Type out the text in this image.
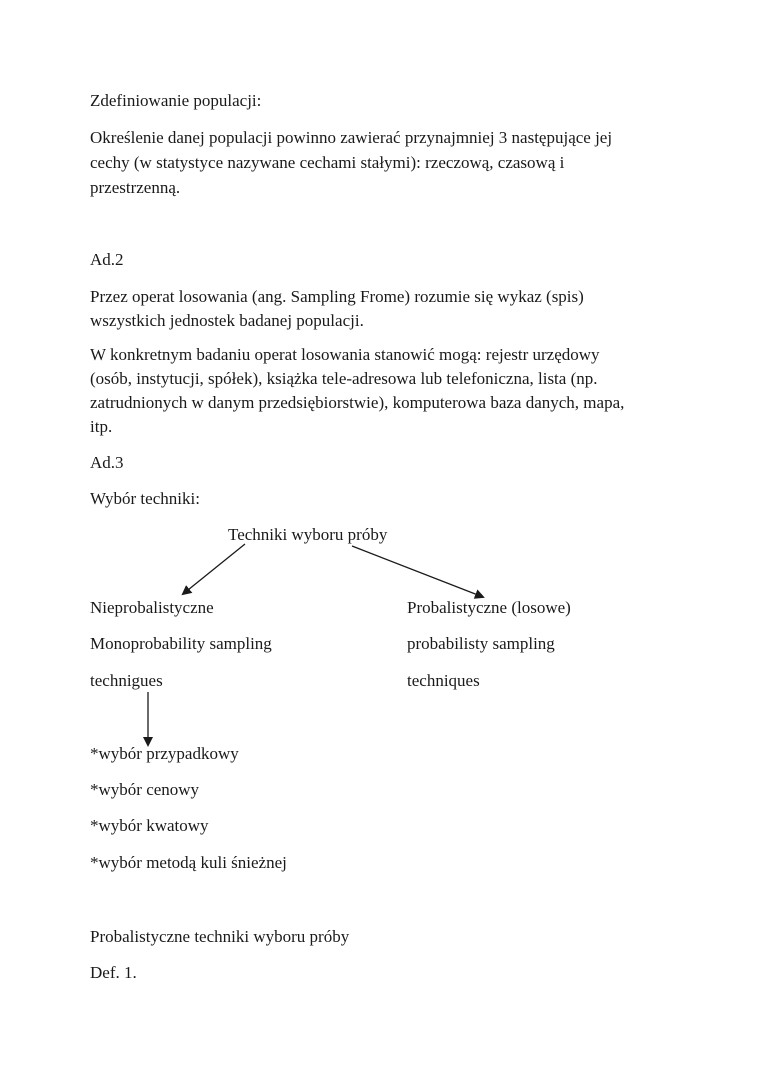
Zdefiniowanie populacji:

Określenie danej populacji powinno zawierać przynajmniej 3 następujące jej

cechy (w statystyce nazywane cechami stałymi): rzeczową, czasową i

przestrzenną.

Ad.2

Przez operat losowania (ang. Sampling Frome) rozumie się wykaz (spis)

wszystkich jednostek badanej populacji.

W konkretnym badaniu operat losowania stanowić mogą: rejestr urzędowy

(osób, instytucji, spółek), książka tele-adresowa lub telefoniczna, lista (np.

zatrudnionych w danym przedsiębiorstwie), komputerowa baza danych, mapa,

itp.

Ad.3

Wybór techniki:

Techniki wyboru próby

Nieprobalistyczne

Monoprobability sampling

technigues

Probalistyczne (losowe)

probabilisty sampling

techniques

*wybór przypadkowy

*wybór cenowy

*wybór kwatowy

*wybór metodą kuli śnieżnej

Probalistyczne techniki wyboru próby

Def. 1.
